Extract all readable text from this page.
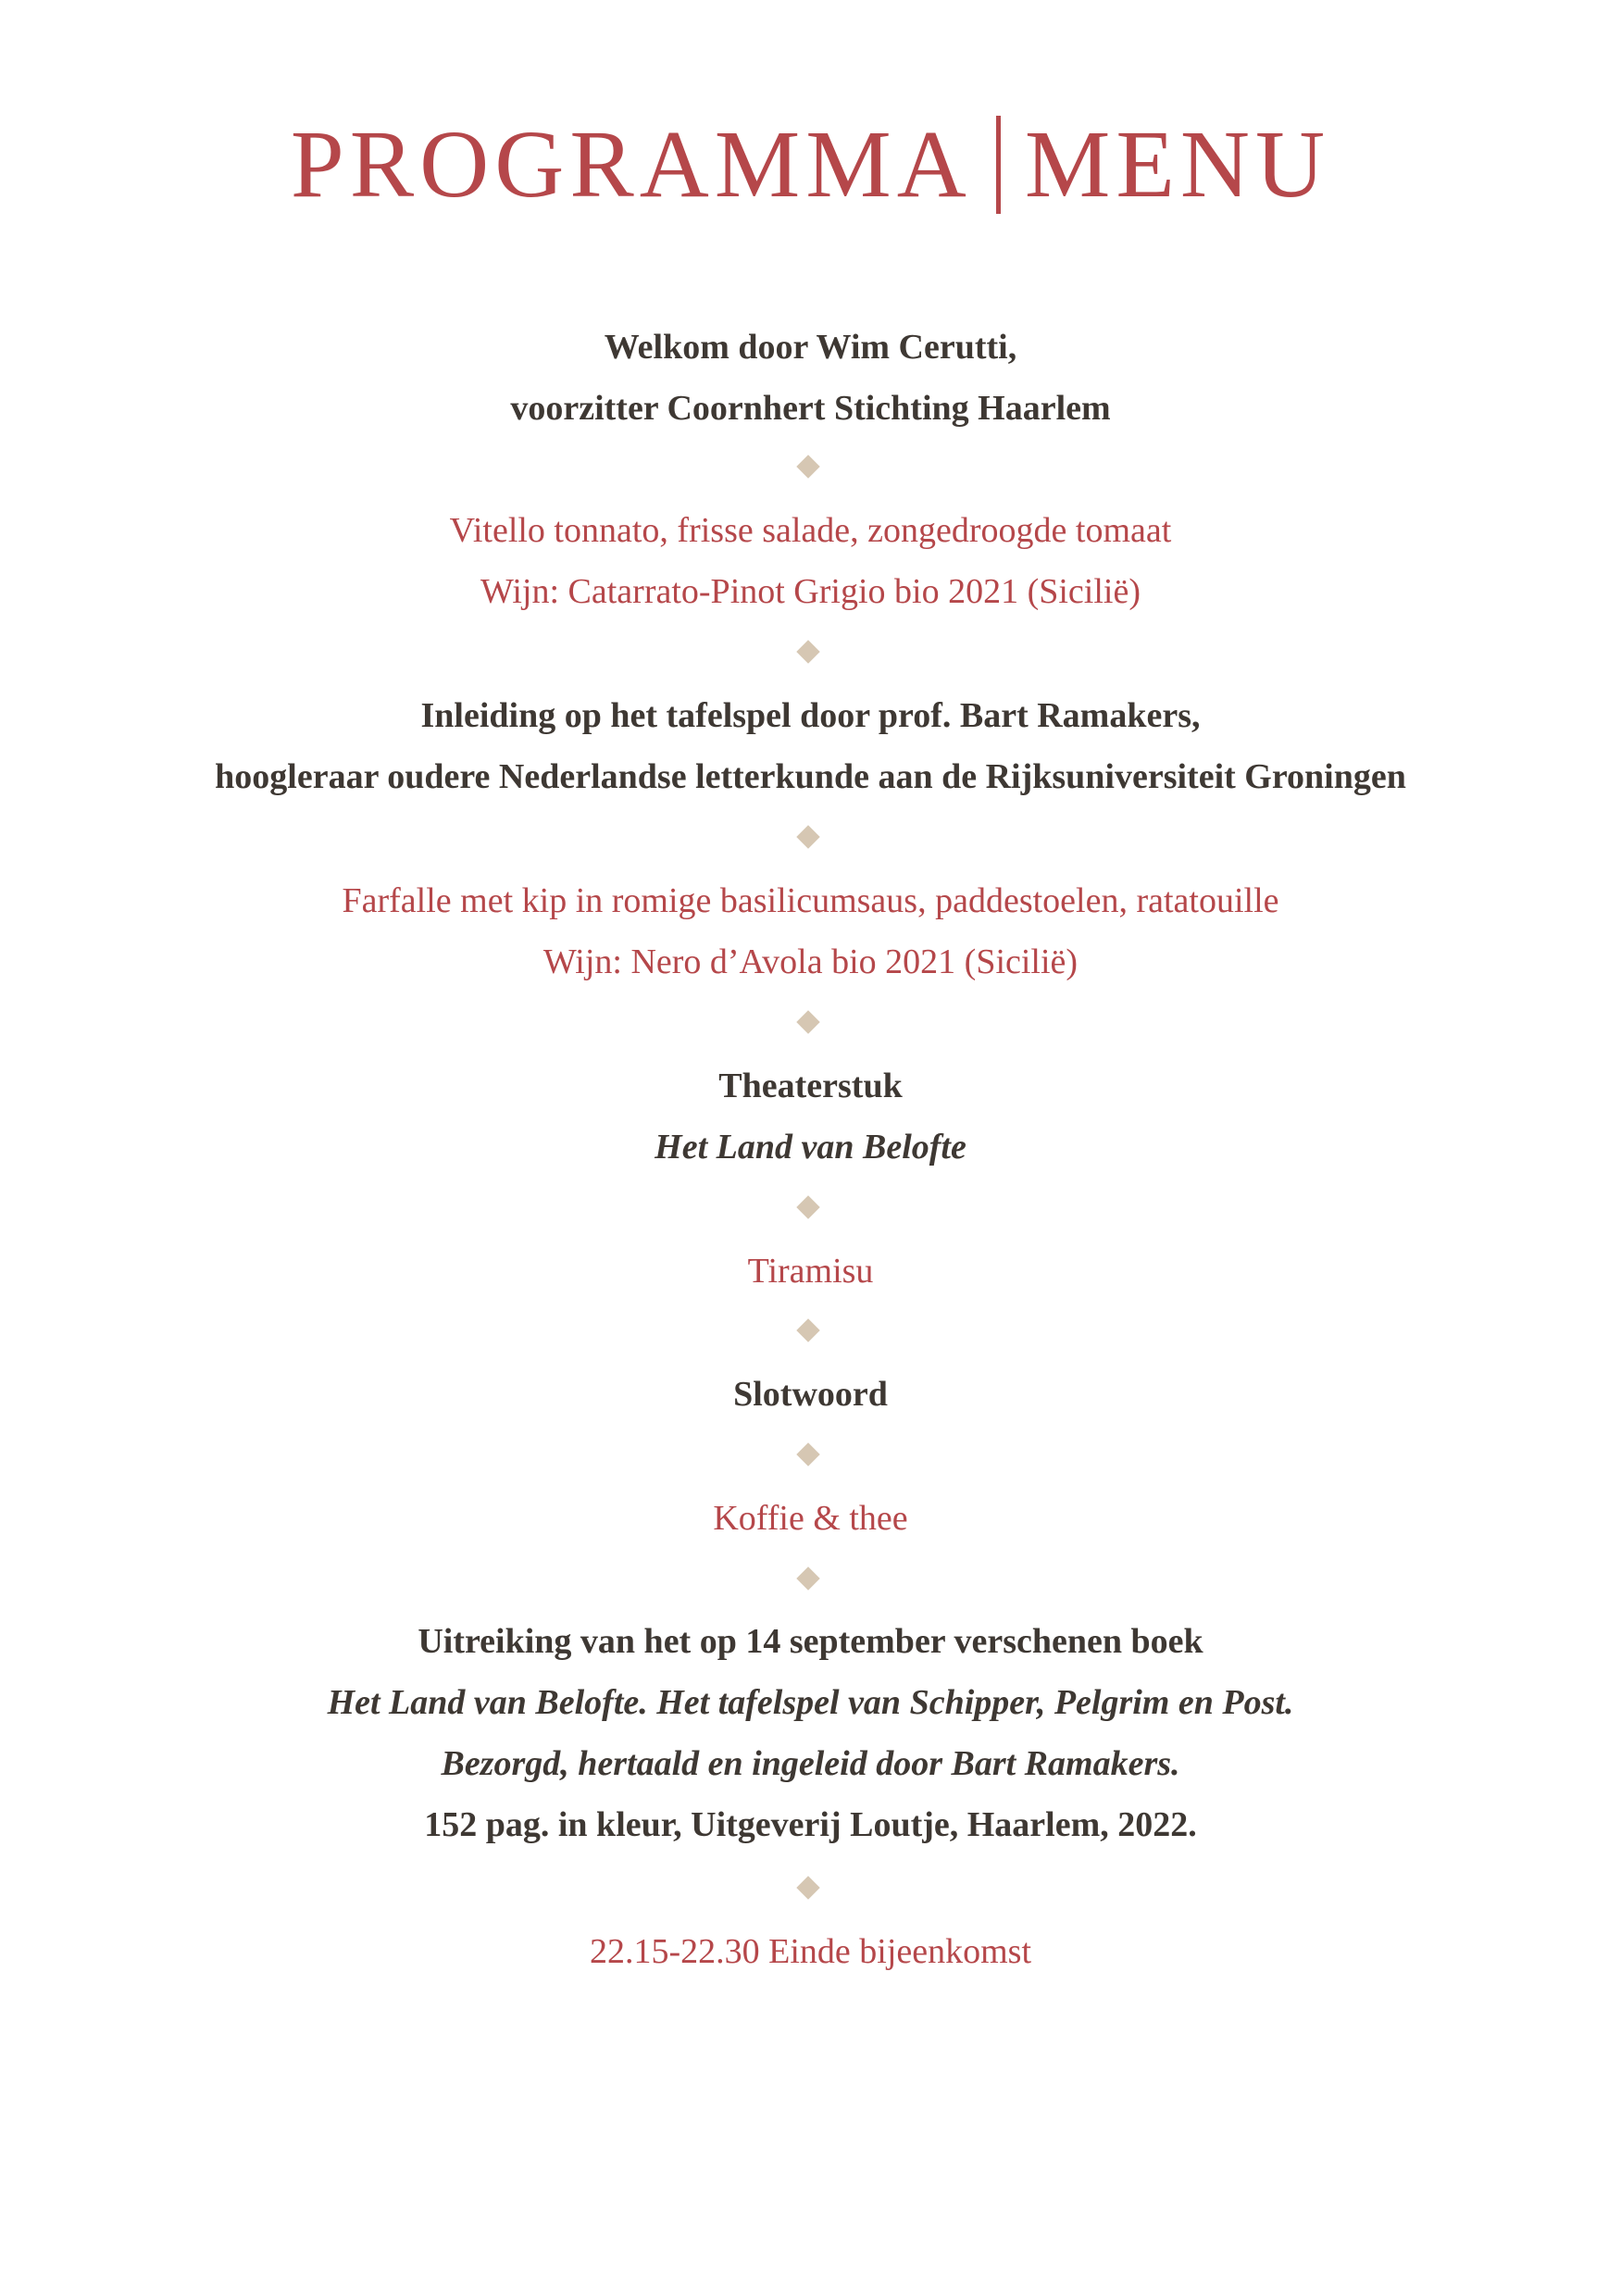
PROGRAMMA MENU
Welkom door Wim Cerutti,
voorzitter Coornhert Stichting Haarlem
Vitello tonnato, frisse salade, zongedroogde tomaat
Wijn: Catarrato-Pinot Grigio bio 2021 (Sicilië)
Inleiding op het tafelspel door prof. Bart Ramakers,
hoogleraar oudere Nederlandse letterkunde aan de Rijksuniversiteit Groningen
Farfalle met kip in romige basilicumsaus, paddestoelen, ratatouille
Wijn: Nero d’Avola bio 2021 (Sicilië)
Theaterstuk
Het Land van Belofte
Tiramisu
Slotwoord
Koffie & thee
Uitreiking van het op 14 september verschenen boek
Het Land van Belofte. Het tafelspel van Schipper, Pelgrim en Post.
Bezorgd, hertaald en ingeleid door Bart Ramakers.
152 pag. in kleur, Uitgeverij Loutje, Haarlem, 2022.
22.15-22.30 Einde bijeenkomst
